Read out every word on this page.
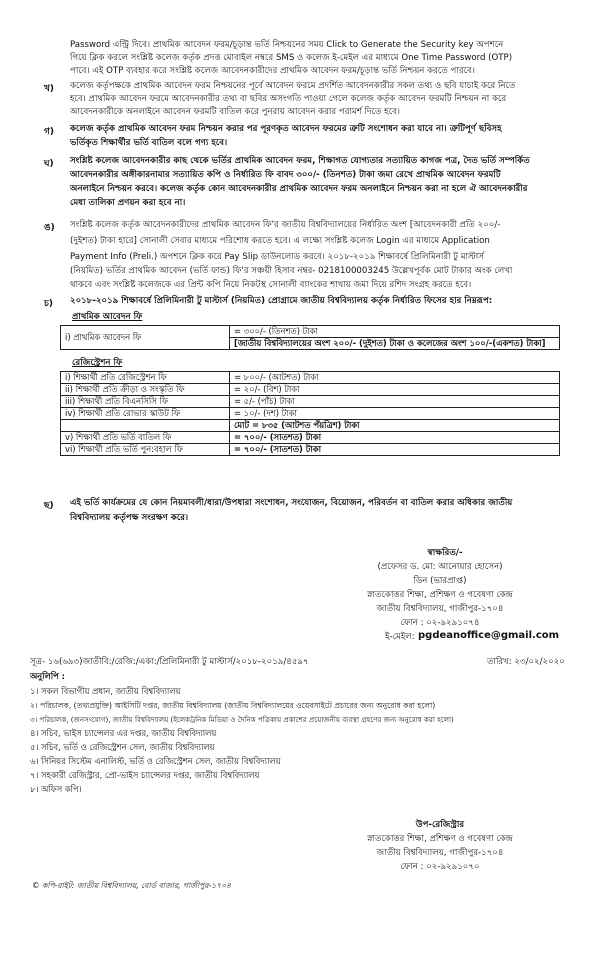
Password এন্ট্রি দিবে। প্রাথমিক আবেদন ফরম/চূড়ান্ত ভর্তি নিশ্চয়নের সময় Click to Generate the Security key অপশনে
গিয়ে ক্লিক করলে সংশ্লিষ্ট কলেজ কর্তৃক প্রদত্ত মোবাইল নম্বরে SMS ও কলেজ ই-মেইল এর মাধ্যমে One Time Password (OTP)
পাবে। এই OTP ব্যবহার করে সংশ্লিষ্ট কলেজ আবেদনকারীদের প্রাথমিক আবেদন ফরম/চূড়ান্ত ভর্তি নিশ্চয়ন করতে পারবে।
খ) কলেজ কর্তৃপক্ষকে প্রাথমিক আবেদন ফরম নিশ্চয়নের পূর্বে আবেদন ফরমে প্রদর্শিত আবেদনকারীর সকল তথ্য ও ছবি যাচাই করে নিতে
হবে। প্রাথমিক আবেদন ফরমে আবেদনকারীর তথ্য বা ছবির অসংগতি পাওয়া গেলে কলেজ কর্তৃক আবেদন ফরমটি নিশ্চয়ন না করে
আবেদনকারীকে অনলাইনে আবেদন ফরমটি বাতিল করে পুনরায় আবেদন করার পরামর্শ দিতে হবে।
গ) কলেজ কর্তৃক প্রাথমিক আবেদন ফরম নিশ্চয়ন করার পর পূরণকৃত আবেদন ফরমের ত্রুটি সংশোধন করা যাবে না। ত্রুটিপূর্ণ ছবিসহ
ভর্তিকৃত শিক্ষার্থীর ভর্তি বাতিল বলে গণ্য হবে।
ঘ) সংশ্লিষ্ট কলেজ আবেদনকারীর কাছ থেকে ভর্তির প্রাথমিক আবেদন ফরম, শিক্ষাগত যোগ্যতার সত্যায়িত কাগজ পত্র, দৈত ভর্তি সম্পর্কিত
আবেদনকারীর অঙ্গীকারনামার সত্যায়িত কপি ও নির্ধারিত ফি বাবদ ৩০০/- (তিনশত) টাকা জমা রেখে প্রাথমিক আবেদন ফরমটি
অনলাইনে নিশ্চয়ন করবে। কলেজ কর্তৃক কোন আবেদনকারীর প্রাথমিক আবেদন ফরম অনলাইনে নিশ্চয়ন করা না হলে ঐ আবেদনকারীর
মেধা তালিকা প্রণয়ন করা হবে না।
ঙ) সংশ্লিষ্ট কলেজ কর্তৃক আবেদনকারীদের প্রাথমিক আবেদন ফি'র জাতীয় বিশ্ববিদ্যালয়ের নির্ধারিত অংশ [আবেদনকারী প্রতি ২০০/-
(দুইশত) টাকা হারে] সোনালী সেবার মাধ্যমে পরিশোধ করতে হবে। এ লক্ষ্যে সংশ্লিষ্ট কলেজ Login এর মাধ্যমে Application
Payment Info (Preli.) অপশনে ক্লিক করে Pay Slip ডাউনলোড করবে। ২০১৮-২০১৯ শিক্ষাবর্ষে প্রিলিমিনারী টু মাস্টার্স
(নিয়মিত) ভর্তির প্রাথমিক আবেদন (ভর্তি ফান্ড) ফি'র সঞ্চয়ী হিসাব নম্বর- 0218100003245 উল্লেখপূর্বক মোট টাকার অংক লেখা
থাকবে এবং সংশ্লিষ্ট কলেজকে এর প্রিন্ট কপি নিয়ে নিকটস্থ সোনালী ব্যাংকের শাখায় জমা দিয়ে রশিদ সংগ্রহ করতে হবে।
চ) ২০১৮-২০১৯ শিক্ষাবর্ষে প্রিলিমিনারী টু মাস্টার্স (নিয়মিত) প্রোগ্রামে জাতীয় বিশ্ববিদ্যালয় কর্তৃক নির্ধারিত ফিসের হার নিম্নরূপ:
প্রাথমিক আবেদন ফি
i) প্রাথমিক আবেদন ফি	= ৩০০/- (তিনশত) টাকা
[জাতীয় বিশ্ববিদ্যালয়ের অংশ ২০০/- (দুইশত) টাকা ও কলেজের অংশ ১০০/-(একশত) টাকা]
রেজিস্ট্রেশন ফি
i) শিক্ষার্থী প্রতি রেজিস্ট্রেশন ফি	= ৮০০/- (আটশত) টাকা
ii) শিক্ষার্থী প্রতি ক্রীড়া ও সংস্কৃতি ফি	= ২০/- (বিশ) টাকা
iii) শিক্ষার্থী প্রতি বিএনসিসি ফি	= ৫/- (পাঁচ) টাকা
iv) শিক্ষার্থী প্রতি রোভার স্কাউট ফি	= ১০/- (দশ) টাকা
	মোট = ৮৩৫ (আটশত পঁয়ত্রিশ) টাকা
v) শিক্ষার্থী প্রতি ভর্তি বাতিল ফি	= ৭০০/- (সাতশত) টাকা
vi) শিক্ষার্থী প্রতি ভর্তি পুন:বহাল ফি	= ৭০০/- (সাতশত) টাকা
ছ) এই ভর্তি কার্যক্রমের যে কোন নিয়মাবলী/ধারা/উপধারা সংশোধন, সংযোজন, বিয়োজন, পরিবর্তন বা বাতিল করার অধিকার জাতীয়
বিশ্ববিদ্যালয় কর্তৃপক্ষ সংরক্ষণ করে।
স্বাক্ষরিত/-
(প্রফেসর ড. মো: আনোয়ার হোসেন)
ডিন (ভারপ্রাপ্ত)
স্নাতকোত্তর শিক্ষা, প্রশিক্ষণ ও গবেষণা কেন্দ্র
জাতীয় বিশ্ববিদ্যালয়, গাজীপুর-১৭০৪
ফোন : ০২-৯২৯১০৭৪
ই-মেইল: pgdeanoffice@gmail.com
সূত্র- ১৬(৬৯৩)জাতীবি:/রেজি:/একা:/প্রিলিমিনারী টু মাস্টার্স/২০১৮-২০১৯/৪৫৯৭	তারিখ: ২৩/০২/২০২০
অনুলিপি :
১। সকল বিভাগীয় প্রধান, জাতীয় বিশ্ববিদ্যালয়
২। পরিচালক, (তথ্যপ্রযুক্তি) আইসিটি দপ্তর, জাতীয় বিশ্ববিদ্যালয় (জাতীয় বিশ্ববিদ্যালয়ের ওয়েবসাইটে প্রচারের জন্য অনুরোধ করা হলো)
৩। পরিচালক, (জনসংযোগ), জাতীয় বিশ্ববিদ্যালয় (ইলেকট্রনিক মিডিয়া ও দৈনিক পত্রিকায় প্রকাশের প্রয়োজনীয় ব্যবস্থা গ্রহণের জন্য অনুরোধ করা হলো)
৪। সচিব, ভাইস চ্যান্সেলর এর দপ্তর, জাতীয় বিশ্ববিদ্যালয়
৫। সচিব, ভর্তি ও রেজিস্ট্রেশন সেল, জাতীয় বিশ্ববিদ্যালয়
৬। সিনিয়র সিস্টেম এনালিস্ট, ভর্তি ও রেজিস্ট্রেশন সেল, জাতীয় বিশ্ববিদ্যালয়
৭। সহকারী রেজিস্ট্রার, প্রো-ভাইস চ্যান্সেলর দপ্তর, জাতীয় বিশ্ববিদ্যালয়
৮। অফিস কপি।
উপ-রেজিস্ট্রার
স্নাতকোত্তর শিক্ষা, প্রশিক্ষণ ও গবেষণা কেন্দ্র
জাতীয় বিশ্ববিদ্যালয়, গাজীপুর-১৭০৪
ফোন : ০২-৯২৯১০৭০
© কপি-রাইট: জাতীয় বিশ্ববিদ্যালয়, বোর্ড বাজার, গাজীপুর-১৭০৪
